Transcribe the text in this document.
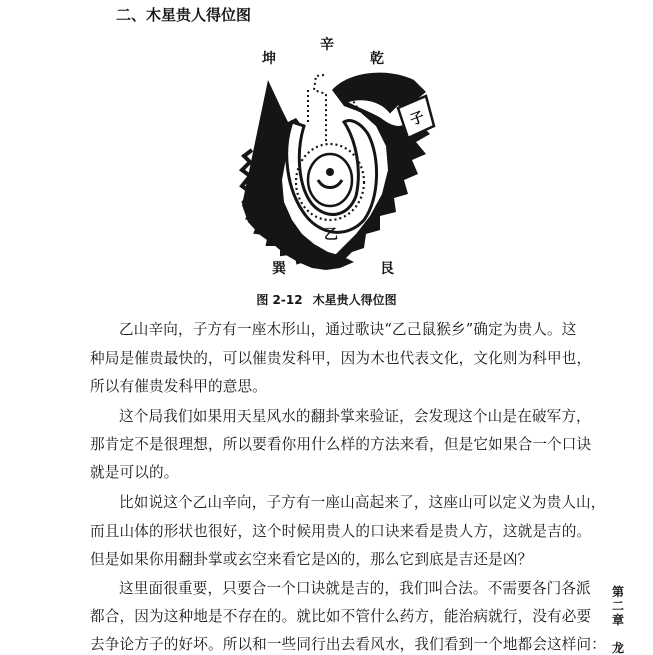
二、木星贵人得位图
辛
坤	乾
子
乙
巽	艮
图 2-12 木星贵人得位图
乙山辛向，子方有一座木形山，通过歌诀“乙己鼠猴乡”确定为贵人。这
种局是催贵最快的，可以催贵发科甲，因为木也代表文化，文化则为科甲也，
所以有催贵发科甲的意思。
这个局我们如果用天星风水的翻卦掌来验证，会发现这个山是在破军方，
那肯定不是很理想，所以要看你用什么样的方法来看，但是它如果合一个口诀
就是可以的。
比如说这个乙山辛向，子方有一座山高起来了，这座山可以定义为贵人山，
而且山体的形状也很好，这个时候用贵人的口诀来看是贵人方，这就是吉的。
但是如果你用翻卦掌或玄空来看它是凶的，那么它到底是吉还是凶？
这里面很重要，只要合一个口诀就是吉的，我们叫合法。不需要各门各派
都合，因为这种地是不存在的。就比如不管什么药方，能治病就行，没有必要
去争论方子的好坏。所以和一些同行出去看风水，我们看到一个地都会这样问：
第
二
章
龙
